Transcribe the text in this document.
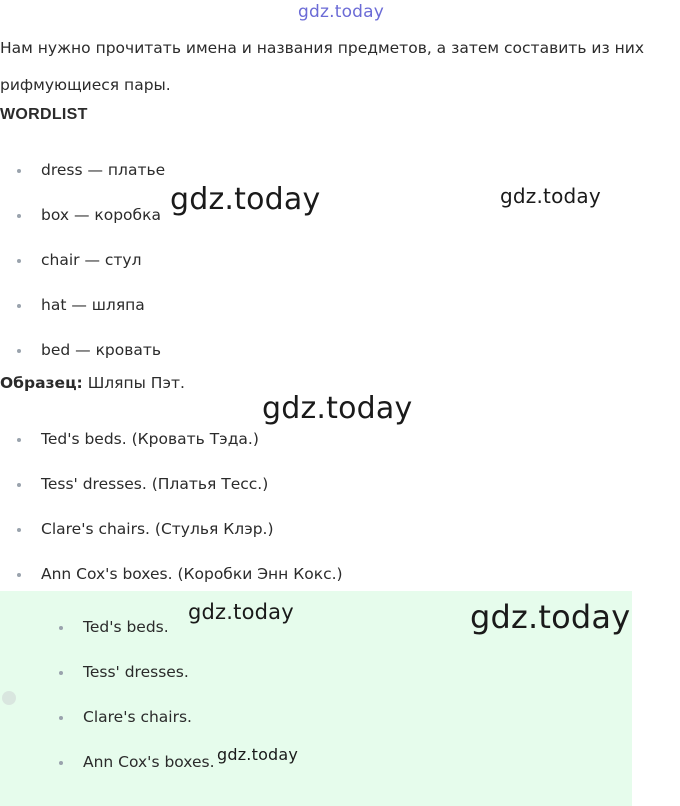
gdz.today
Нам нужно прочитать имена и названия предметов, а затем составить из них рифмующиеся пары.
WORDLIST
dress — платье
box — коробка
chair — стул
hat — шляпа
bed — кровать
Образец: Шляпы Пэт.
Ted's beds. (Кровать Тэда.)
Tess' dresses. (Платья Тесс.)
Clare's chairs. (Стулья Клэр.)
Ann Cox's boxes. (Коробки Энн Кокс.)
Ted's beds.
Tess' dresses.
Clare's chairs.
Ann Cox's boxes.
gdz.today	gdz.today
gdz.today
gdz.today	gdz.today
gdz.today
